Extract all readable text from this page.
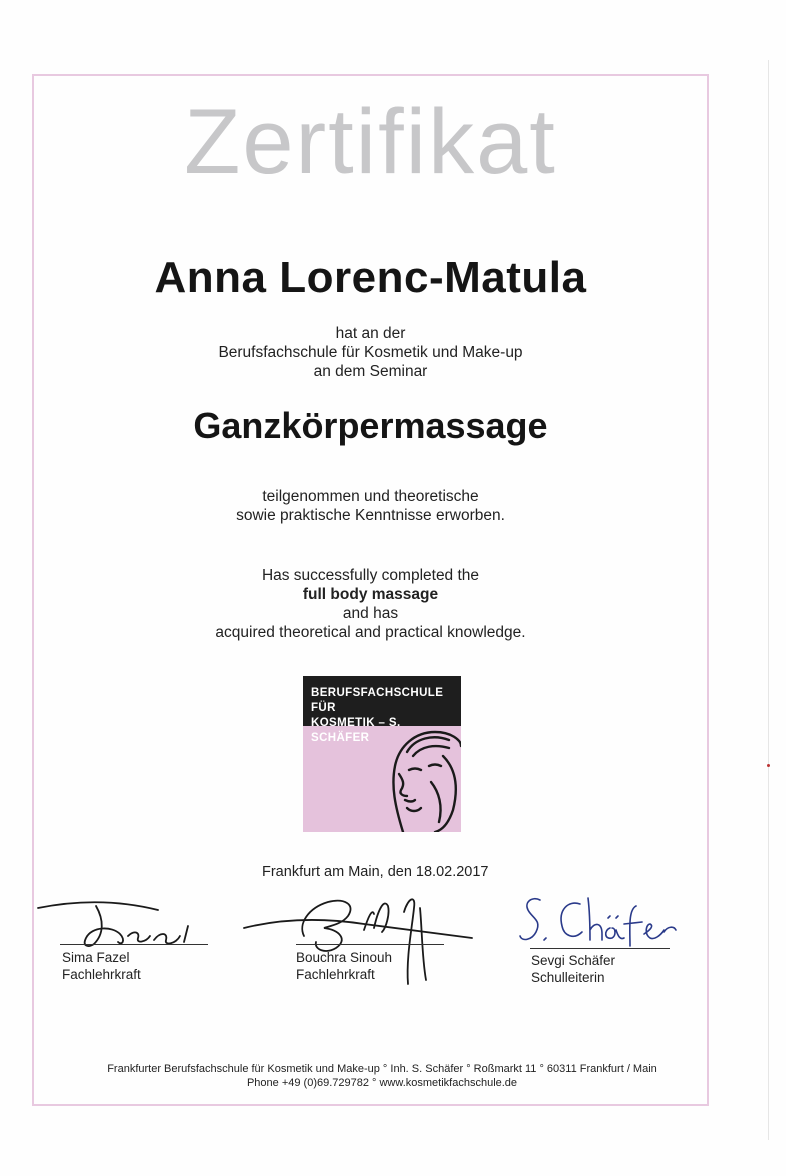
Zertifikat
Anna Lorenc-Matula
hat an der
Berufsfachschule für Kosmetik und Make-up
an dem Seminar
Ganzkörpermassage
teilgenommen und theoretische
sowie praktische Kenntnisse erworben.
Has successfully completed the
full body massage
and has
acquired theoretical and practical knowledge.
BERUFSFACHSCHULE FÜR
KOSMETIK – S. SCHÄFER
Frankfurt am Main, den 18.02.2017
Sima Fazel
Fachlehrkraft
Bouchra Sinouh
Fachlehrkraft
Sevgi Schäfer
Schulleiterin
Frankfurter Berufsfachschule für Kosmetik und Make-up ° Inh. S. Schäfer ° Roßmarkt 11 ° 60311 Frankfurt / Main
Phone +49 (0)69.729782 ° www.kosmetikfachschule.de
